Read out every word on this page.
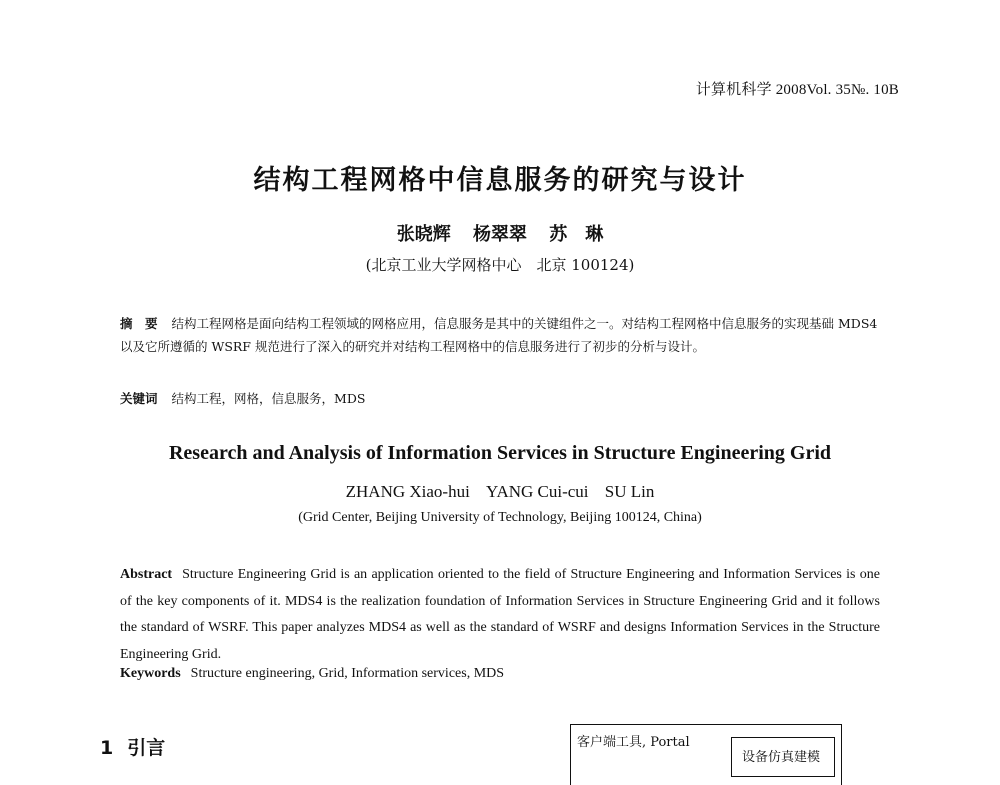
计算机科学 2008Vol. 35№. 10B
结构工程网格中信息服务的研究与设计
张晓辉 杨翠翠 苏　琳
(北京工业大学网格中心　北京 100124)
摘　要 结构工程网格是面向结构工程领域的网格应用，信息服务是其中的关键组件之一。对结构工程网格中信息服务的实现基础 MDS4 以及它所遵循的 WSRF 规范进行了深入的研究并对结构工程网格中的信息服务进行了初步的分析与设计。
关键词 结构工程，网格，信息服务，MDS
Research and Analysis of Information Services in Structure Engineering Grid
ZHANG Xiao-hui YANG Cui-cui SU Lin
(Grid Center, Beijing University of Technology, Beijing 100124, China)
Abstract Structure Engineering Grid is an application oriented to the field of Structure Engineering and Information Services is one of the key components of it. MDS4 is the realization foundation of Information Services in Structure Engineering Grid and it follows the standard of WSRF. This paper analyzes MDS4 as well as the standard of WSRF and designs Information Services in the Structure Engineering Grid.
Keywords Structure engineering, Grid, Information services, MDS
1 引言	客户端工具, Portal
设备仿真建模
